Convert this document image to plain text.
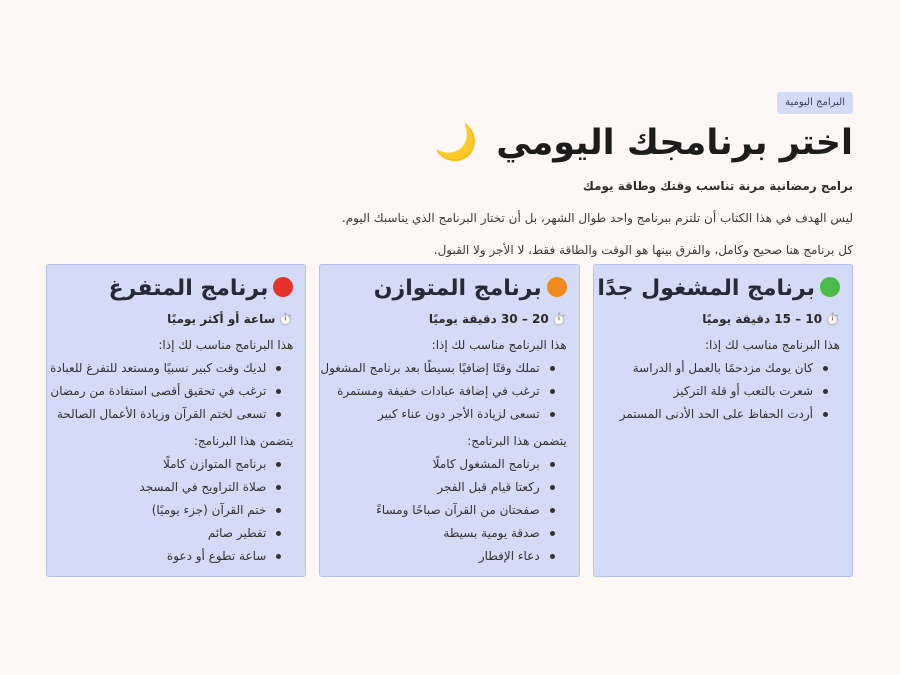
البرامج اليومية
اختر برنامجك اليومي 🌙

برامج رمضانية مرنة تناسب وقتك وطاقة يومك

ليس الهدف في هذا الكتاب أن تلتزم ببرنامج واحد طوال الشهر، بل أن تختار البرنامج الذي يناسبك اليوم.

كل برنامج هنا صحيح وكامل، والفرق بينها هو الوقت والطاقة فقط، لا الأجر ولا القبول.

برنامج المشغول جدًا
⏱️10 – 15 دقيقة يوميًا
هذا البرنامج مناسب لك إذا:
كان يومك مزدحمًا بالعمل أو الدراسة
شعرت بالتعب أو قلة التركيز
أردت الحفاظ على الحد الأدنى المستمر
برنامج المتوازن
⏱️20 – 30 دقيقة يوميًا
هذا البرنامج مناسب لك إذا:
تملك وقتًا إضافيًا بسيطًا بعد برنامج المشغول
ترغب في إضافة عبادات خفيفة ومستمرة
تسعى لزيادة الأجر دون عناء كبير
يتضمن هذا البرنامج:
برنامج المشغول كاملًا
ركعتا قيام قبل الفجر
صفحتان من القرآن صباحًا ومساءً
صدقة يومية بسيطة
دعاء الإفطار
برنامج المتفرغ
⏱️ساعة أو أكثر يوميًا
هذا البرنامج مناسب لك إذا:
لديك وقت كبير نسبيًا ومستعد للتفرغ للعبادة
ترغب في تحقيق أقصى استفادة من رمضان
تسعى لختم القرآن وزيادة الأعمال الصالحة
يتضمن هذا البرنامج:
برنامج المتوازن كاملًا
صلاة التراويح في المسجد
ختم القرآن (جزء يوميًا)
تفطير صائم
ساعة تطوع أو دعوة
